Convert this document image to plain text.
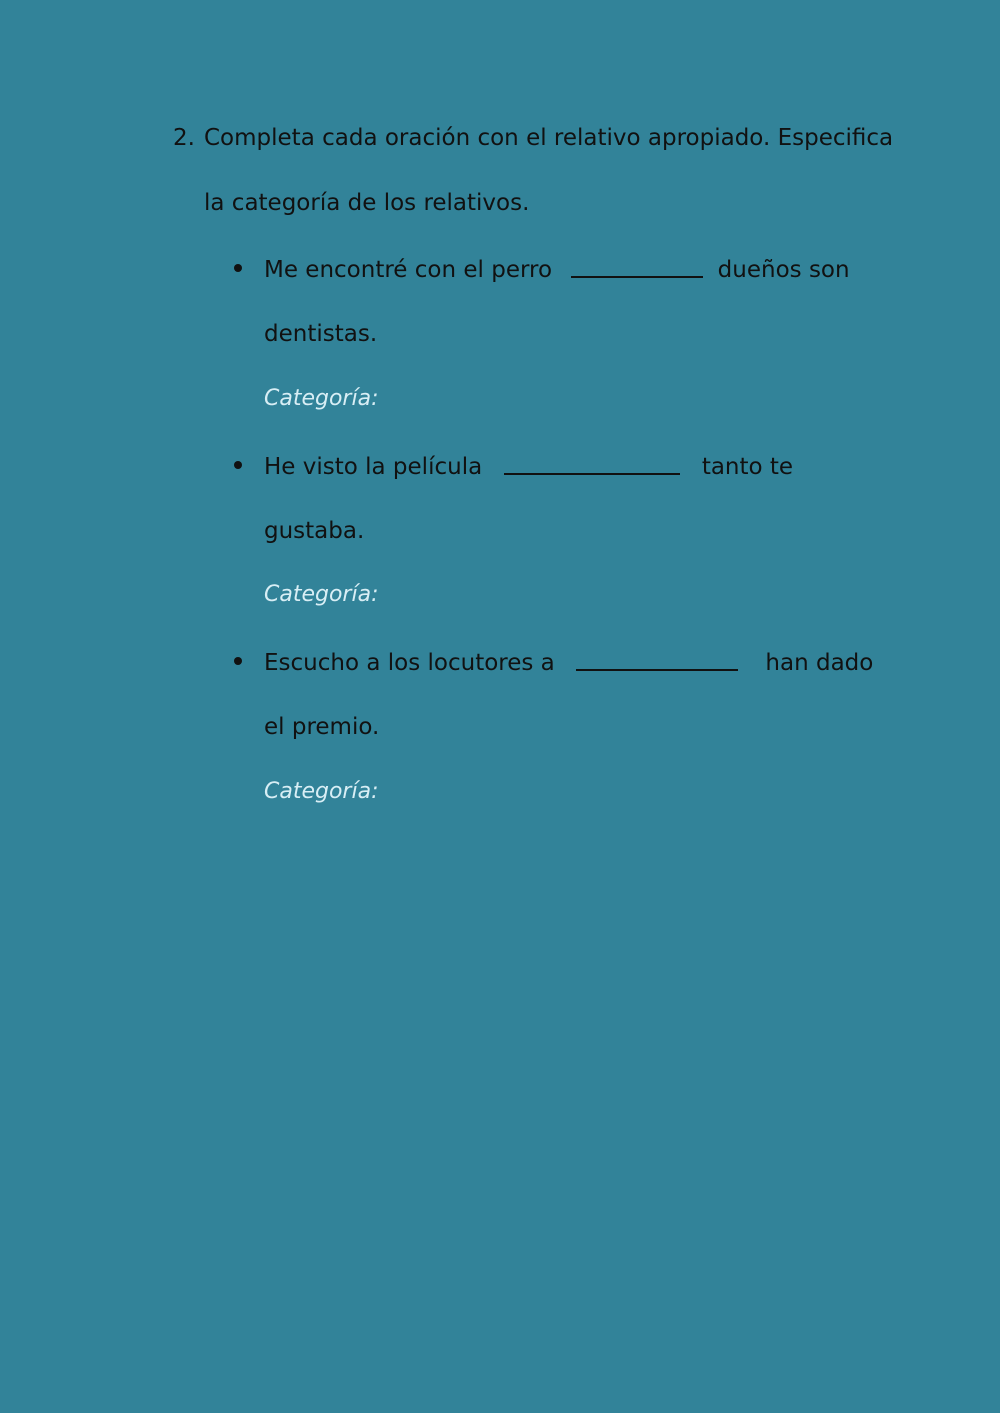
2. Completa cada oración con el relativo apropiado. Especifica
la categoría de los relativos.
Me encontré con el perro	dueños son
dentistas.
Categoría:
He visto la película	tanto te
gustaba.
Categoría:
Escucho a los locutores a	han dado
el premio.
Categoría:
